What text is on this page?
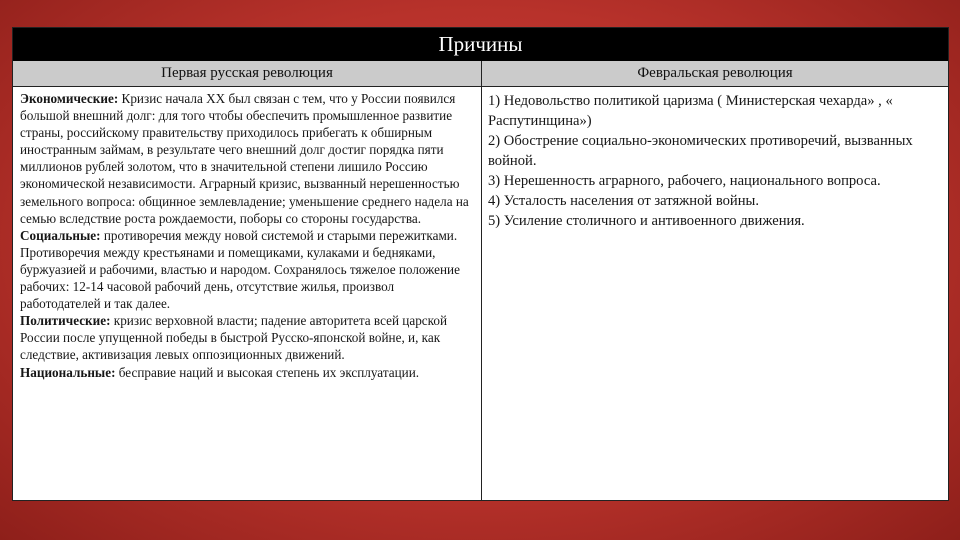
Причины
Первая русская революция	Февральская революция

Экономические: Кризис начала XX был связан с тем, что у России появился большой внешний долг: для того чтобы обеспечить промышленное развитие страны, российскому правительству приходилось прибегать к обширным иностранным займам, в результате чего внешний долг достиг порядка пяти миллионов рублей золотом, что в значительной степени лишило Россию экономической независимости. Аграрный кризис, вызванный нерешенностью земельного вопроса: общинное землевладение; уменьшение среднего надела на семью вследствие роста рождаемости, поборы со стороны государства.

Социальные: противоречия между новой системой и старыми пережитками. Противоречия между крестьянами и помещиками, кулаками и бедняками, буржуазией и рабочими, властью и народом. Сохранялось тяжелое положение рабочих: 12-14 часовой рабочий день, отсутствие жилья, произвол работодателей и так далее.

Политические: кризис верховной власти; падение авторитета всей царской России после упущенной победы в быстрой Русско-японской войне, и, как следствие, активизация левых оппозиционных движений.

Национальные: бесправие наций и высокая степень их эксплуатации.

1) Недовольство политикой царизма ( Министерская чехарда» , « Распутинщина»)

2) Обострение социально-экономических противоречий, вызванных войной.

3) Нерешенность аграрного, рабочего, национального вопроса.

4) Усталость населения от затяжной войны.

5) Усиление столичного и антивоенного движения.
